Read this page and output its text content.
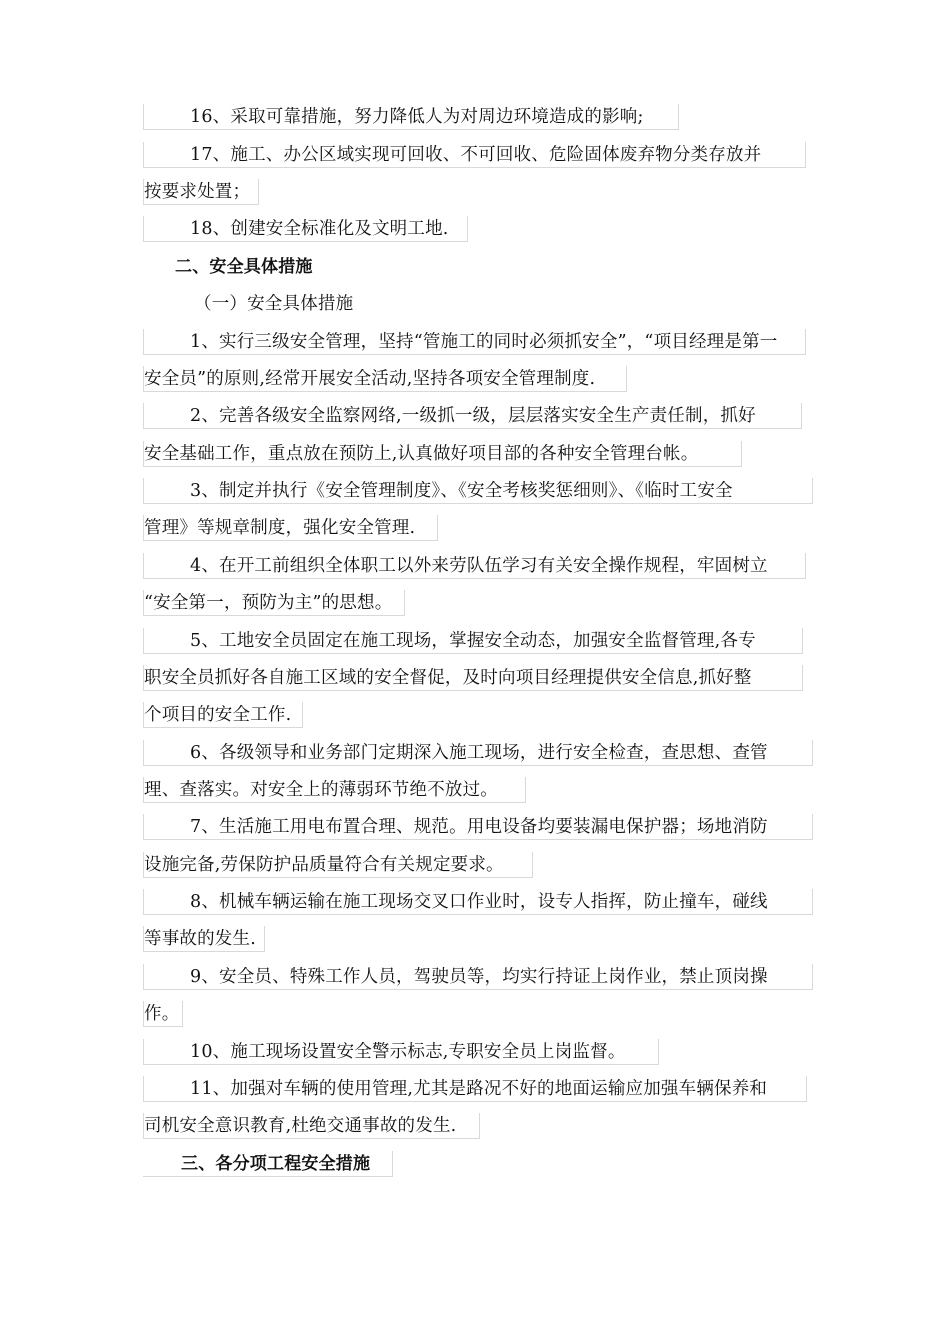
16、采取可靠措施，努力降低人为对周边环境造成的影响;
17、施工、办公区域实现可回收、不可回收、危险固体废弃物分类存放并
按要求处置；
18、创建安全标准化及文明工地.
二、安全具体措施
（一）安全具体措施
1、实行三级安全管理，坚持“管施工的同时必须抓安全”，“项目经理是第一
安全员”的原则,经常开展安全活动,坚持各项安全管理制度.
2、完善各级安全监察网络,一级抓一级，层层落实安全生产责任制，抓好
安全基础工作，重点放在预防上,认真做好项目部的各种安全管理台帐。
3、制定并执行《安全管理制度》、《安全考核奖惩细则》、《临时工安全
管理》等规章制度，强化安全管理.
4、在开工前组织全体职工以外来劳队伍学习有关安全操作规程，牢固树立
“安全第一，预防为主”的思想。
5、工地安全员固定在施工现场，掌握安全动态，加强安全监督管理,各专
职安全员抓好各自施工区域的安全督促，及时向项目经理提供安全信息,抓好整
个项目的安全工作.
6、各级领导和业务部门定期深入施工现场，进行安全检查，查思想、查管
理、查落实。对安全上的薄弱环节绝不放过。
7、生活施工用电布置合理、规范。用电设备均要装漏电保护器；场地消防
设施完备,劳保防护品质量符合有关规定要求。
8、机械车辆运输在施工现场交叉口作业时，设专人指挥，防止撞车，碰线
等事故的发生.
9、安全员、特殊工作人员，驾驶员等，均实行持证上岗作业，禁止顶岗操
作。
10、施工现场设置安全警示标志,专职安全员上岗监督。
11、加强对车辆的使用管理,尤其是路况不好的地面运输应加强车辆保养和
司机安全意识教育,杜绝交通事故的发生.
三、各分项工程安全措施
